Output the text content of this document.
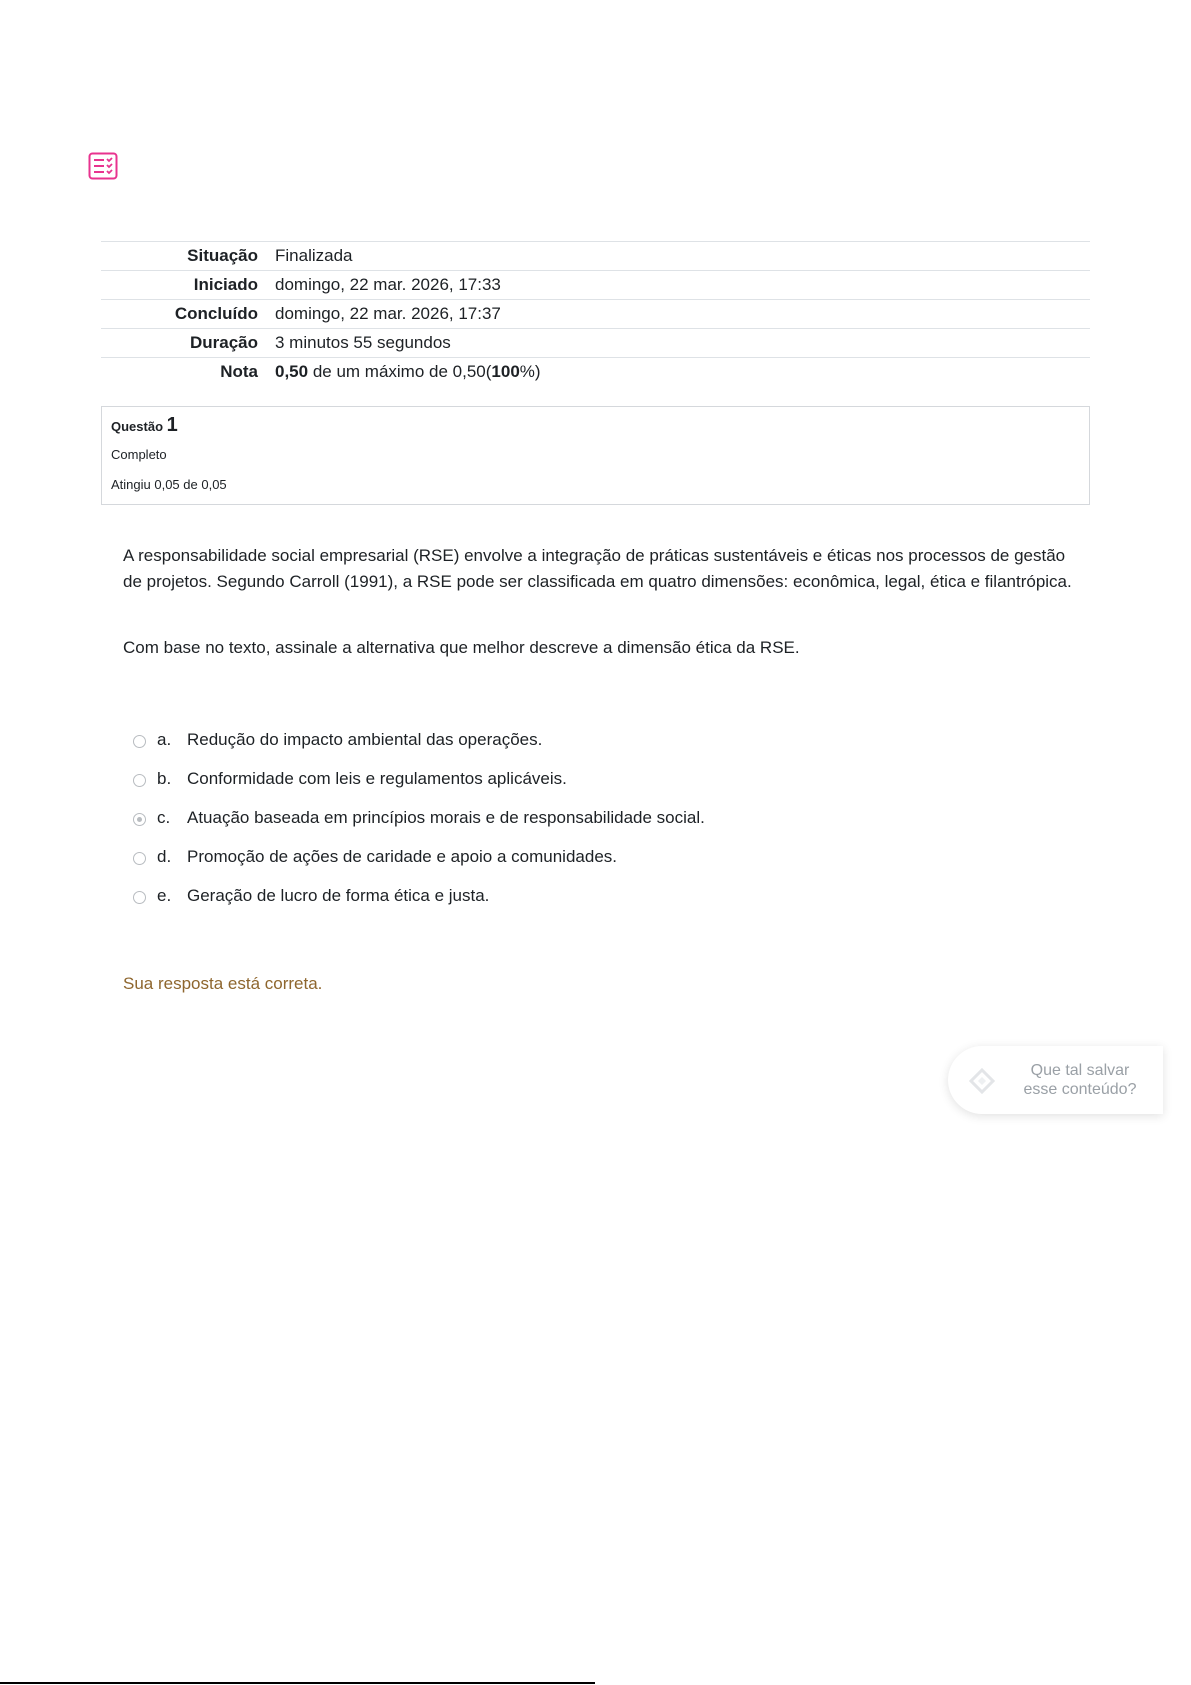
Situação	Finalizada
Iniciado	domingo, 22 mar. 2026, 17:33
Concluído	domingo, 22 mar. 2026, 17:37
Duração	3 minutos 55 segundos
Nota	0,50 de um máximo de 0,50(100%)
Questão 1
Completo
Atingiu 0,05 de 0,05

A responsabilidade social empresarial (RSE) envolve a integração de práticas sustentáveis e éticas nos processos de gestão de projetos. Segundo Carroll (1991), a RSE pode ser classificada em quatro dimensões: econômica, legal, ética e filantrópica.

Com base no texto, assinale a alternativa que melhor descreve a dimensão ética da RSE.

a. Redução do impacto ambiental das operações.
b. Conformidade com leis e regulamentos aplicáveis.
c. Atuação baseada em princípios morais e de responsabilidade social.
d. Promoção de ações de caridade e apoio a comunidades.
e. Geração de lucro de forma ética e justa.
Sua resposta está correta.
Que tal salvar
esse conteúdo?
